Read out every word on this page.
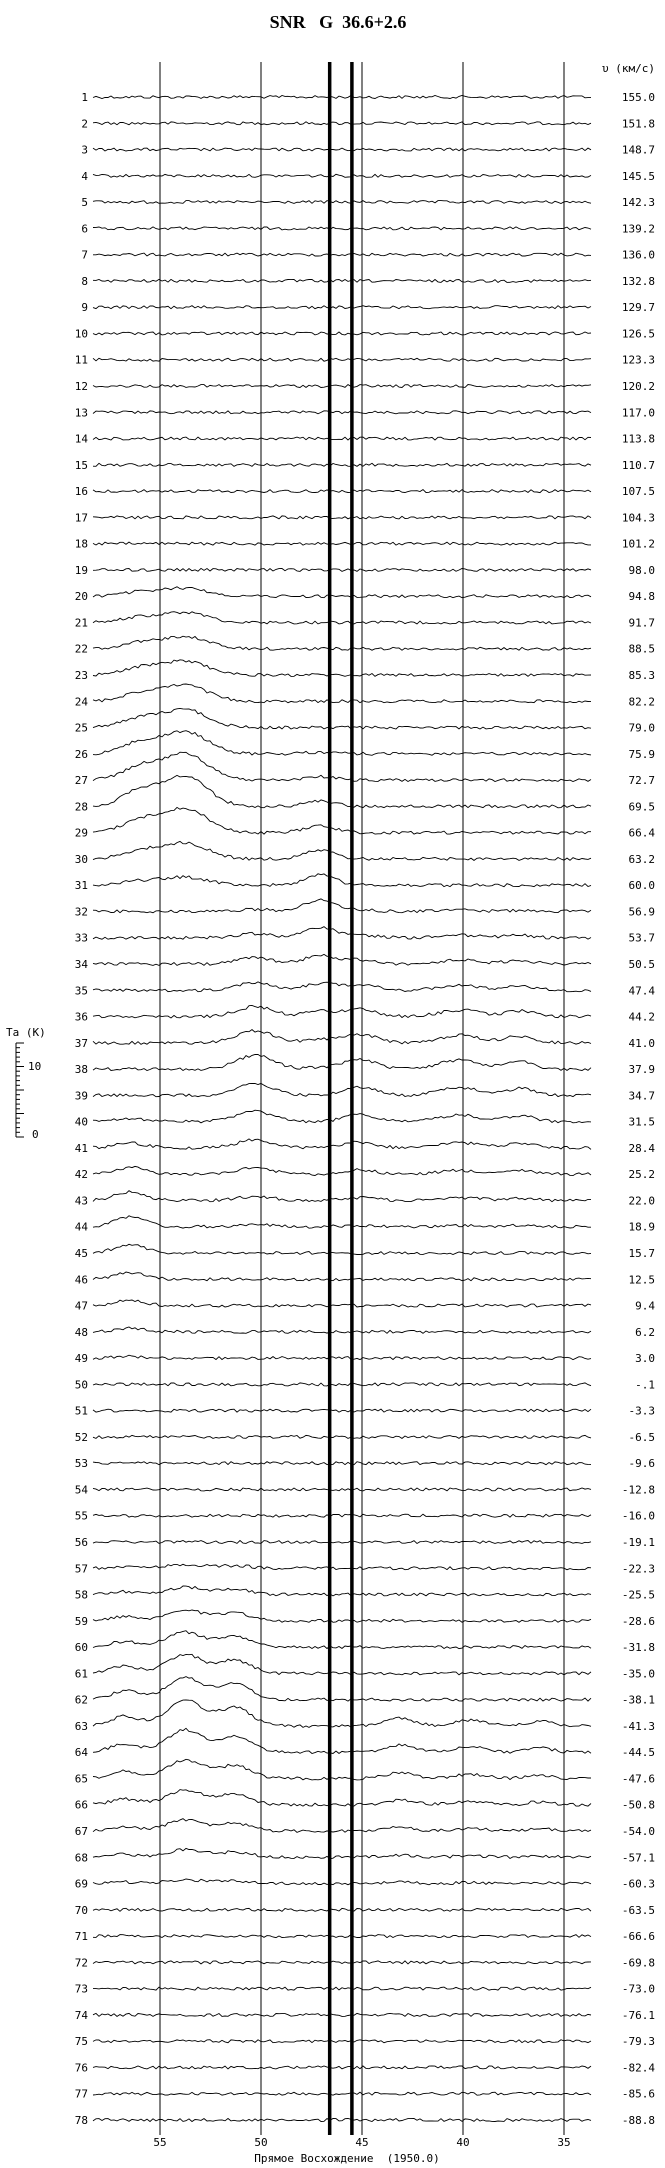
SNR   G  36.6+2.6
υ (км/с)
1
2
3
4
5
6
7
8
9
10
11
12
13
14
15
16
17
18
19
20
21
22
23
24
25
26
27
28
29
30
31
32
33
34
35
36
37
38
39
40
41
42
43
44
45
46
47
48
49
50
51
52
53
54
55
56
57
58
59
60
61
62
63
64
65
66
67
68
69
70
71
72
73
74
75
76
77
78
155.0
151.8
148.7
145.5
142.3
139.2
136.0
132.8
129.7
126.5
123.3
120.2
117.0
113.8
110.7
107.5
104.3
101.2
98.0
94.8
91.7
88.5
85.3
82.2
79.0
75.9
72.7
69.5
66.4
63.2
60.0
56.9
53.7
50.5
47.4
44.2
41.0
37.9
34.7
31.5
28.4
25.2
22.0
18.9
15.7
12.5
9.4
6.2
3.0
-.1
-3.3
-6.5
-9.6
-12.8
-16.0
-19.1
-22.3
-25.5
-28.6
-31.8
-35.0
-38.1
-41.3
-44.5
-47.6
-50.8
-54.0
-57.1
-60.3
-63.5
-66.6
-69.8
-73.0
-76.1
-79.3
-82.4
-85.6
-88.8
55	50	45	40	35
Ta (K)
10
0
Прямое Восхождение  (1950.0)
